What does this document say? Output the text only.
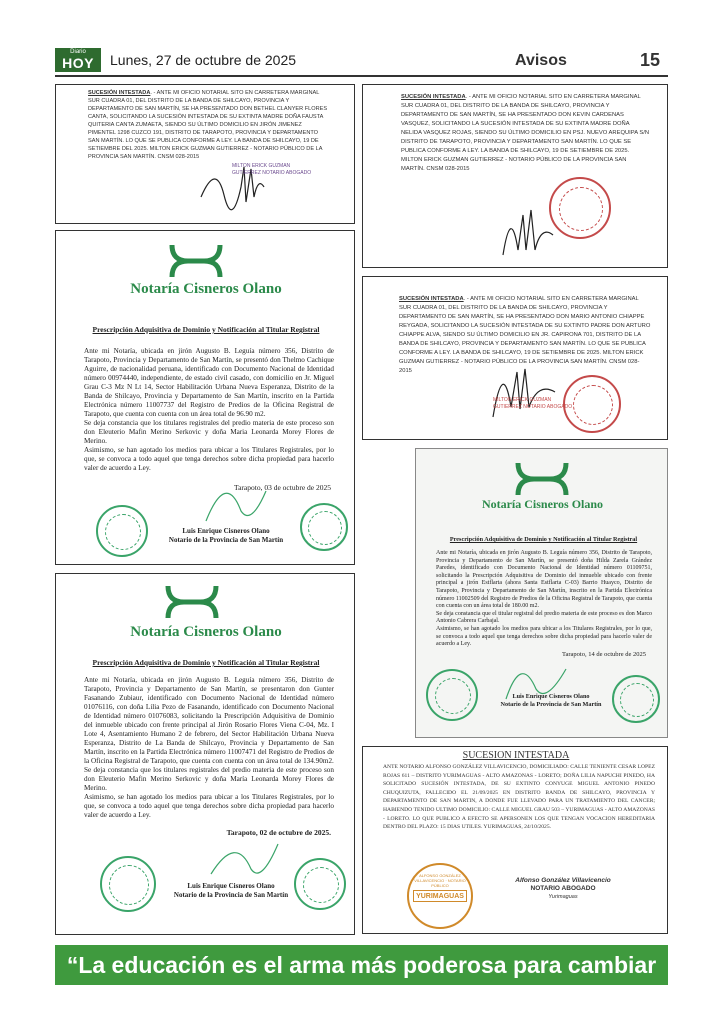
Diario
HOY	Lunes, 27 de octubre de 2025	Avisos	15
SUCESIÓN INTESTADA. - ANTE MI OFICIO NOTARIAL SITO EN CARRETERA MARGINAL SUR CUADRA 01, DEL DISTRITO DE LA BANDA DE SHILCAYO, PROVINCIA Y DEPARTAMENTO DE SAN MARTÍN, SE HA PRESENTADO DON BETHEL CLANYER FLORES CANTA, SOLICITANDO LA SUCESIÓN INTESTADA DE SU EXTINTA MADRE DOÑA FAUSTA QUITERIA CANTA ZUMAETA, SIENDO SU ÚLTIMO DOMICILIO EN JIRÓN JIMENEZ PIMENTEL 1298 CUZCO 191, DISTRITO DE TARAPOTO, PROVINCIA Y DEPARTAMENTO SAN MARTÍN. LO QUE SE PUBLICA CONFORME A LEY. LA BANDA DE SHILCAYO, 19 DE SETIEMBRE DEL 2025. MILTON ERICK GUZMAN GUTIERREZ - NOTARIO PÚBLICO DE LA PROVINCIA SAN MARTÍN. CNSM 028-2015
MILTON ERICK GUZMAN GUTIERREZ NOTARIO ABOGADO
SUCESIÓN INTESTADA. - ANTE MI OFICIO NOTARIAL SITO EN CARRETERA MARGINAL SUR CUADRA 01, DEL DISTRITO DE LA BANDA DE SHILCAYO, PROVINCIA Y DEPARTAMENTO DE SAN MARTÍN, SE HA PRESENTADO DON KEVIN CARDENAS VASQUEZ, SOLICITANDO LA SUCESIÓN INTESTADA DE SU EXTINTA MADRE DOÑA NELIDA VASQUEZ ROJAS, SIENDO SU ÚLTIMO DOMICILIO EN PSJ. NUEVO AREQUIPA S/N DISTRITO DE TARAPOTO, PROVINCIA Y DEPARTAMENTO SAN MARTÍN. LO QUE SE PUBLICA CONFORME A LEY. LA BANDA DE SHILCAYO, 19 DE SETIEMBRE DE 2025. MILTON ERICK GUZMAN GUTIERREZ - NOTARIO PÚBLICO DE LA PROVINCIA SAN MARTÍN. CNSM 028-2015
Notaría Cisneros Olano
Prescripción Adquisitiva de Dominio y Notificación al Titular Registral

Ante mi Notaría, ubicada en jirón Augusto B. Leguía número 356, Distrito de Tarapoto, Provincia y Departamento de San Martín, se presentó don Thelmo Cachique Aguirre, de nacionalidad peruana, identificado con Documento Nacional de Identidad número 00974440, independiente, de estado civil casado, con domicilio en Jr. Miguel Grau C-3 Mz N Lt 14, Sector Habilitación Urbana Nueva Esperanza, Distrito de la Banda de Shilcayo, Provincia y Departamento de San Martín, inscrito en la Partida Electrónica número 11007737 del Registro de Predios de la Oficina Registral de Tarapoto, que cuenta con cuenta con un área total de 96.90 m2.

Se deja constancia que los titulares registrales del predio materia de este proceso son don Eleuterio Mafin Merino Serkovic y doña Maria Leonarda Morey Flores de Merino.

Asimismo, se han agotado los medios para ubicar a los Titulares Registrales, por lo que, se convoca a todo aquel que tenga derechos sobre dicha propiedad para hacerlo valer de acuerdo a Ley.

Tarapoto, 03 de octubre de 2025
Luis Enrique Cisneros Olano
Notario de la Provincia de San Martín
SUCESIÓN INTESTADA. - ANTE MI OFICIO NOTARIAL SITO EN CARRETERA MARGINAL SUR CUADRA 01, DEL DISTRITO DE LA BANDA DE SHILCAYO, PROVINCIA Y DEPARTAMENTO DE SAN MARTÍN, SE HA PRESENTADO DON MARIO ANTONIO CHIAPPE REYGADA, SOLICITANDO LA SUCESIÓN INTESTADA DE SU EXTINTO PADRE DON ARTURO CHIAPPE ALVA, SIENDO SU ÚLTIMO DOMICILIO EN JR. CAPIRONA 701, DISTRITO DE LA BANDA DE SHILCAYO, PROVINCIA Y DEPARTAMENTO SAN MARTÍN. LO QUE SE PUBLICA CONFORME A LEY. LA BANDA DE SHILCAYO, 19 DE SETIEMBRE DE 2025. MILTON ERICK GUZMAN GUTIERREZ - NOTARIO PÚBLICO DE LA PROVINCIA SAN MARTÍN. CNSM 028-2015
MILTON ERICK GUZMAN GUTIERREZ NOTARIO ABOGADO
Notaría Cisneros Olano
Prescripción Adquisitiva de Dominio y Notificación al Titular Registral

Ante mi Notaría, ubicada en jirón Augusto B. Leguía número 356, Distrito de Tarapoto, Provincia y Departamento de San Martín, se presentó doña Hilda Zarela Grández Paredes, identificado con Documento Nacional de Identidad número 01109751, solicitando la Prescripción Adquisitiva de Dominio del inmueble ubicado con frente principal a jirón Estflarta (ahora Santa Estflarta C-03) Barrio Huayco, Distrito de Tarapoto, Provincia y Departamento de San Martín, inscrito en la Partida Electrónica número 11002509 del Registro de Predios de la Oficina Registral de Tarapoto, que cuenta con cuenta con un área total de 180.00 m2.

Se deja constancia que el titular registral del predio materia de este proceso es don Marco Antonio Cabrera Carbajal.

Asimismo, se han agotado los medios para ubicar a los Titulares Registrales, por lo que, se convoca a todo aquel que tenga derechos sobre dicha propiedad para hacerlo valer de acuerdo a Ley.

Tarapoto, 14 de octubre de 2025
Luis Enrique Cisneros Olano
Notario de la Provincia de San Martín
Notaría Cisneros Olano
Prescripción Adquisitiva de Dominio y Notificación al Titular Registral

Ante mi Notaría, ubicada en jirón Augusto B. Leguía número 356, Distrito de Tarapoto, Provincia y Departamento de San Martín, se presentaron don Gunter Fasanando Zubiaur, identificado con Documento Nacional de Identidad número 01076116, con doña Lilia Pezo de Fasanando, identificado con Documento Nacional de Identidad número 01076083, solicitando la Prescripción Adquisitiva de Dominio del inmueble ubicado con frente principal al Jirón Rosario Flores Viena C-04, Mz. I Lote 4, Asentamiento Humano 2 de febrero, del Sector Habilitación Urbana Nueva Esperanza, Distrito de La Banda de Shilcayo, Provincia y Departamento de San Martín, inscrito en la Partida Electrónica número 11007471 del Registro de Predios de la Oficina Registral de Tarapoto, que cuenta con cuenta con un área total de 134.90m2.

Se deja constancia que los titulares registrales del predio materia de este proceso son don Eleuterio Mafin Merino Serkovic y doña María Leonarda Morey Flores de Merino.

Asimismo, se han agotado los medios para ubicar a los Titulares Registrales, por lo que, se convoca a todo aquel que tenga derechos sobre dicha propiedad para hacerlo valer de acuerdo a Ley.

Tarapoto, 02 de octubre de 2025.
Luis Enrique Cisneros Olano
Notario de la Provincia de San Martín
SUCESION INTESTADA
ANTE NOTARIO ALFONSO GONZÁLEZ VILLAVICENCIO, DOMICILIADO: CALLE TENIENTE CESAR LOPEZ ROJAS 611 – DISTRITO YURIMAGUAS - ALTO AMAZONAS - LORETO; DOÑA LILIA NAPUCHI PINEDO, HA SOLICITADO SUCESIÓN INTESTADA, DE SU EXTINTO CONYUGE MIGUEL ANTONIO PINEDO CHUQUIZUTA, FALLECIDO EL 21/09/2025 EN DISTRITO BANDA DE SHILCAYO, PROVINCIA Y DEPARTAMENTO DE SAN MARTIN, A DONDE FUE LLEVADO PARA UN TRATAMIENTO DEL CANCER; HABIENDO TENIDO ULTIMO DOMICILIO: CALLE MIGUEL GRAU 503 – YURIMAGUAS - ALTO AMAZONAS - LORETO. LO QUE PUBLICO A EFECTO SE APERSONEN LOS QUE TENGAN VOCACION HEREDITARIA DENTRO DEL PLAZO: 15 DIAS UTILES. YURIMAGUAS, 24/10/2025.
ALFONSO GONZÁLEZ VILLAVICENCIO · NOTARIO PÚBLICO
YURIMAGUAS
Alfonso González Villavicencio
NOTARIO ABOGADO
Yurimaguas
“La educación es el arma más poderosa para cambiar el mundo”
